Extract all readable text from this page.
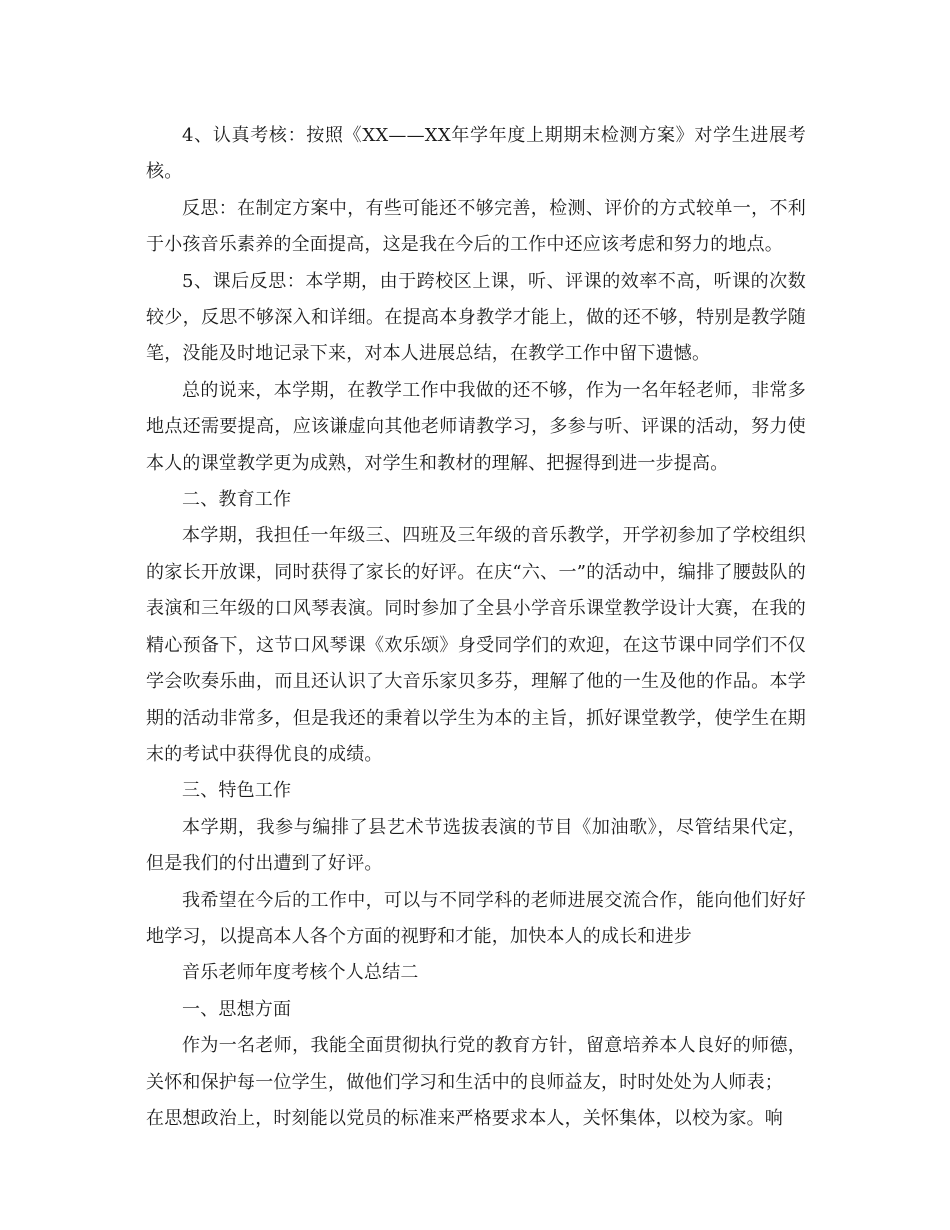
4、认真考核：按照《XX——XX年学年度上期期末检测方案》对学生进展考核。

反思：在制定方案中，有些可能还不够完善，检测、评价的方式较单一，不利于小孩音乐素养的全面提高，这是我在今后的工作中还应该考虑和努力的地点。

5、课后反思：本学期，由于跨校区上课，听、评课的效率不高，听课的次数较少，反思不够深入和详细。在提高本身教学才能上，做的还不够，特别是教学随笔，没能及时地记录下来，对本人进展总结，在教学工作中留下遗憾。

总的说来，本学期，在教学工作中我做的还不够，作为一名年轻老师，非常多地点还需要提高，应该谦虚向其他老师请教学习，多参与听、评课的活动，努力使本人的课堂教学更为成熟，对学生和教材的理解、把握得到进一步提高。

二、教育工作

本学期，我担任一年级三、四班及三年级的音乐教学，开学初参加了学校组织的家长开放课，同时获得了家长的好评。在庆“六、一”的活动中，编排了腰鼓队的表演和三年级的口风琴表演。同时参加了全县小学音乐课堂教学设计大赛，在我的精心预备下，这节口风琴课《欢乐颂》身受同学们的欢迎，在这节课中同学们不仅学会吹奏乐曲，而且还认识了大音乐家贝多芬，理解了他的一生及他的作品。本学期的活动非常多，但是我还的秉着以学生为本的主旨，抓好课堂教学，使学生在期末的考试中获得优良的成绩。

三、特色工作

本学期，我参与编排了县艺术节选拔表演的节目《加油歌》，尽管结果代定，但是我们的付出遭到了好评。

我希望在今后的工作中，可以与不同学科的老师进展交流合作，能向他们好好地学习，以提高本人各个方面的视野和才能，加快本人的成长和进步

音乐老师年度考核个人总结二

一、思想方面

作为一名老师，我能全面贯彻执行党的教育方针，留意培养本人良好的师德，关怀和保护每一位学生，做他们学习和生活中的良师益友，时时处处为人师表；

在思想政治上，时刻能以党员的标准来严格要求本人，关怀集体，以校为家。响
